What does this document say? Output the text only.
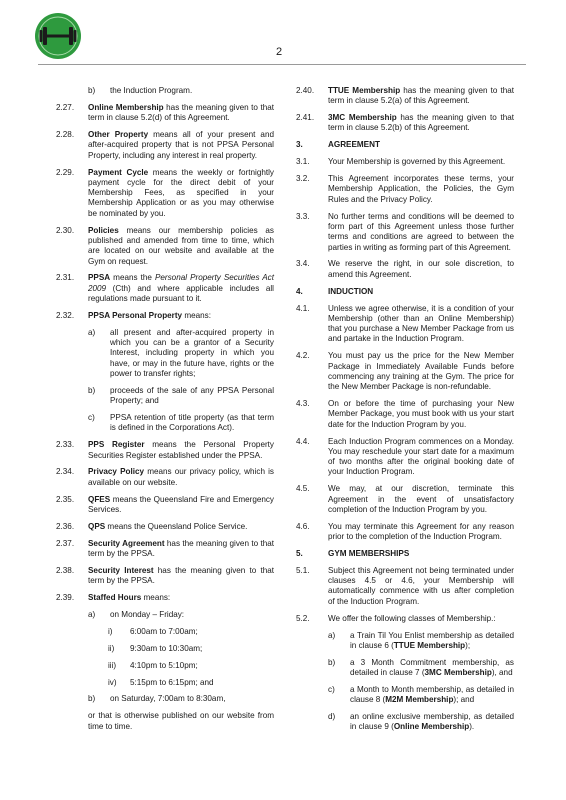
2
b) the Induction Program.
2.27. Online Membership has the meaning given to that term in clause 5.2(d) of this Agreement.
2.28. Other Property means all of your present and after-acquired property that is not PPSA Personal Property, including any interest in real property.
2.29. Payment Cycle means the weekly or fortnightly payment cycle for the direct debit of your Membership Fees, as specified in your Membership Application or as you may otherwise be nominated by you.
2.30. Policies means our membership policies as published and amended from time to time, which are located on our website and available at the Gym on request.
2.31. PPSA means the Personal Property Securities Act 2009 (Cth) and where applicable includes all regulations made pursuant to it.
2.32. PPSA Personal Property means:
a) all present and after-acquired property in which you can be a grantor of a Security Interest, including property in which you have, or may in the future have, rights or the power to transfer rights;
b) proceeds of the sale of any PPSA Personal Property; and
c) PPSA retention of title property (as that term is defined in the Corporations Act).
2.33. PPS Register means the Personal Property Securities Register established under the PPSA.
2.34. Privacy Policy means our privacy policy, which is available on our website.
2.35. QFES means the Queensland Fire and Emergency Services.
2.36. QPS means the Queensland Police Service.
2.37. Security Agreement has the meaning given to that term by the PPSA.
2.38. Security Interest has the meaning given to that term by the PPSA.
2.39. Staffed Hours means:
a) on Monday – Friday:
i) 6:00am to 7:00am;
ii) 9:30am to 10:30am;
iii) 4:10pm to 5:10pm;
iv) 5:15pm to 6:15pm; and
b) on Saturday, 7:00am to 8:30am,
or that is otherwise published on our website from time to time.
2.40. TTUE Membership has the meaning given to that term in clause 5.2(a) of this Agreement.
2.41. 3MC Membership has the meaning given to that term in clause 5.2(b) of this Agreement.
3.	AGREEMENT
3.1. Your Membership is governed by this Agreement.
3.2. This Agreement incorporates these terms, your Membership Application, the Policies, the Gym Rules and the Privacy Policy.
3.3. No further terms and conditions will be deemed to form part of this Agreement unless those further terms and conditions are agreed to between the parties in writing as forming part of this Agreement.
3.4. We reserve the right, in our sole discretion, to amend this Agreement.
4.	INDUCTION
4.1. Unless we agree otherwise, it is a condition of your Membership (other than an Online Membership) that you purchase a New Member Package from us and partake in the Induction Program.
4.2. You must pay us the price for the New Member Package in Immediately Available Funds before commencing any training at the Gym. The price for the New Member Package is non-refundable.
4.3. On or before the time of purchasing your New Member Package, you must book with us your start date for the Induction Program by you.
4.4. Each Induction Program commences on a Monday. You may reschedule your start date for a maximum of two months after the original booking date of your Induction Program.
4.5. We may, at our discretion, terminate this Agreement in the event of unsatisfactory completion of the Induction Program by you.
4.6. You may terminate this Agreement for any reason prior to the completion of the Induction Program.
5.	GYM MEMBERSHIPS
5.1. Subject this Agreement not being terminated under clauses 4.5 or 4.6, your Membership will automatically commence with us after completion of the Induction Program.
5.2. We offer the following classes of Membership.:
a) a Train Til You Enlist membership as detailed in clause 6 (TTUE Membership);
b) a 3 Month Commitment membership, as detailed in clause 7 (3MC Membership), and
c) a Month to Month membership, as detailed in clause 8 (M2M Membership); and
d) an online exclusive membership, as detailed in clause 9 (Online Membership).
